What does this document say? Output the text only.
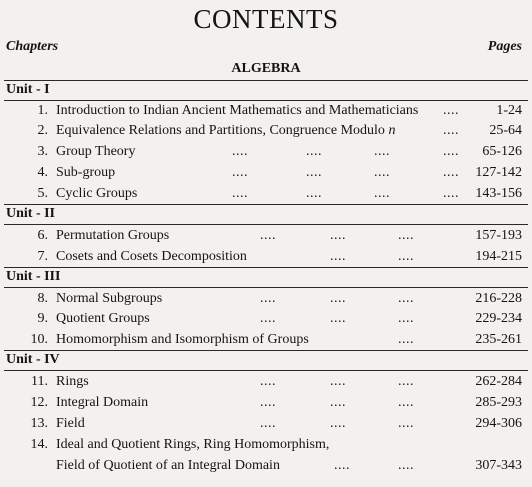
CONTENTS
Chapters	Pages
ALGEBRA
Unit - I
1. Introduction to Indian Ancient Mathematics and Mathematicians ....	1-24
2. Equivalence Relations and Partitions, Congruence Modulo n	.... 25-64
3. Group Theory	....	....	....	.... 65-126
4. Sub-group	....	....	....	.... 127-142
5. Cyclic Groups	....	....	....	.... 143-156
Unit - II
6. Permutation Groups	....	....	....	157-193
7. Cosets and Cosets Decomposition	....	....	194-215
Unit - III
8. Normal Subgroups	....	....	....	216-228
9. Quotient Groups	....	....	....	229-234
10. Homomorphism and Isomorphism of Groups	....	235-261
Unit - IV
11. Rings	....	....	....	262-284
12. Integral Domain	....	....	....	285-293
13. Field	....	....	....	294-306
14. Ideal and Quotient Rings, Ring Homomorphism,
Field of Quotient of an Integral Domain	....	....	307-343
